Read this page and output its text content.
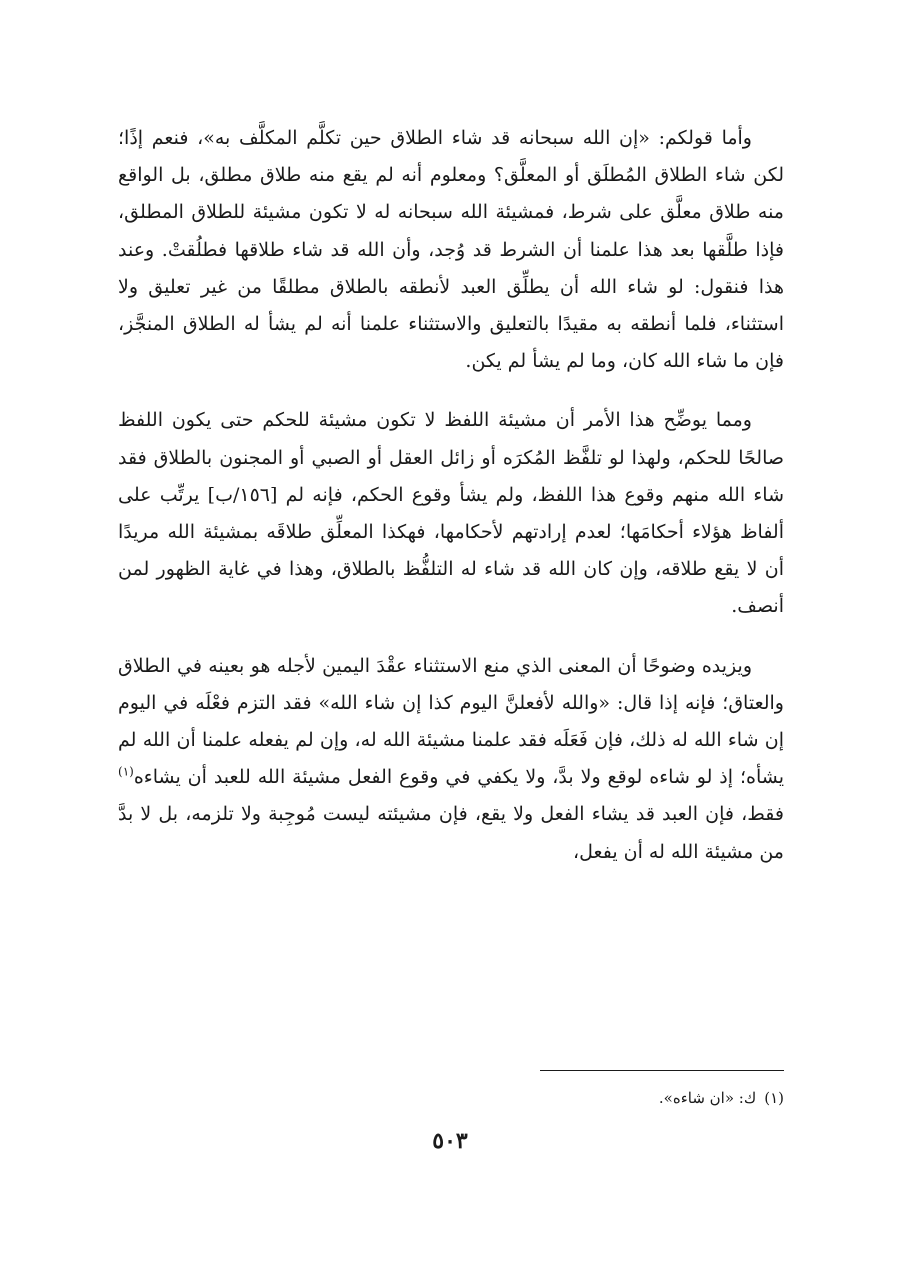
وأما قولكم: «إن الله سبحانه قد شاء الطلاق حين تكلَّم المكلَّف به»، فنعم إذًا؛ لكن شاء الطلاق المُطلَق أو المعلَّق؟ ومعلوم أنه لم يقع منه طلاق مطلق، بل الواقع منه طلاق معلَّق على شرط، فمشيئة الله سبحانه له لا تكون مشيئة للطلاق المطلق، فإذا طلَّقها بعد هذا علمنا أن الشرط قد وُجد، وأن الله قد شاء طلاقها فطلُقتْ. وعند هذا فنقول: لو شاء الله أن يطلِّق العبد لأنطقه بالطلاق مطلقًا من غير تعليق ولا استثناء، فلما أنطقه به مقيدًا بالتعليق والاستثناء علمنا أنه لم يشأ له الطلاق المنجَّز، فإن ما شاء الله كان، وما لم يشأ لم يكن.

ومما يوضِّح هذا الأمر أن مشيئة اللفظ لا تكون مشيئة للحكم حتى يكون اللفظ صالحًا للحكم، ولهذا لو تلفَّظ المُكرَه أو زائل العقل أو الصبي أو المجنون بالطلاق فقد شاء الله منهم وقوع هذا اللفظ، ولم يشأ وقوع الحكم، فإنه لم [١٥٦/ب] يرتِّب على ألفاظ هؤلاء أحكامَها؛ لعدم إرادتهم لأحكامها، فهكذا المعلِّق طلاقَه بمشيئة الله مريدًا أن لا يقع طلاقه، وإن كان الله قد شاء له التلفُّظ بالطلاق، وهذا في غاية الظهور لمن أنصف.

ويزيده وضوحًا أن المعنى الذي منع الاستثناء عقْدَ اليمين لأجله هو بعينه في الطلاق والعتاق؛ فإنه إذا قال: «والله لأفعلنَّ اليوم كذا إن شاء الله» فقد التزم فعْلَه في اليوم إن شاء الله له ذلك، فإن فَعَلَه فقد علمنا مشيئة الله له، وإن لم يفعله علمنا أن الله لم يشأه؛ إذ لو شاءه لوقع ولا بدَّ، ولا يكفي في وقوع الفعل مشيئة الله للعبد أن يشاءه$^{(١)}$ فقط، فإن العبد قد يشاء الفعل ولا يقع، فإن مشيئته ليست مُوجِبة ولا تلزمه، بل لا بدَّ من مشيئة الله له أن يفعل،

(١)ك: «ان شاءه».
٥٠٣
